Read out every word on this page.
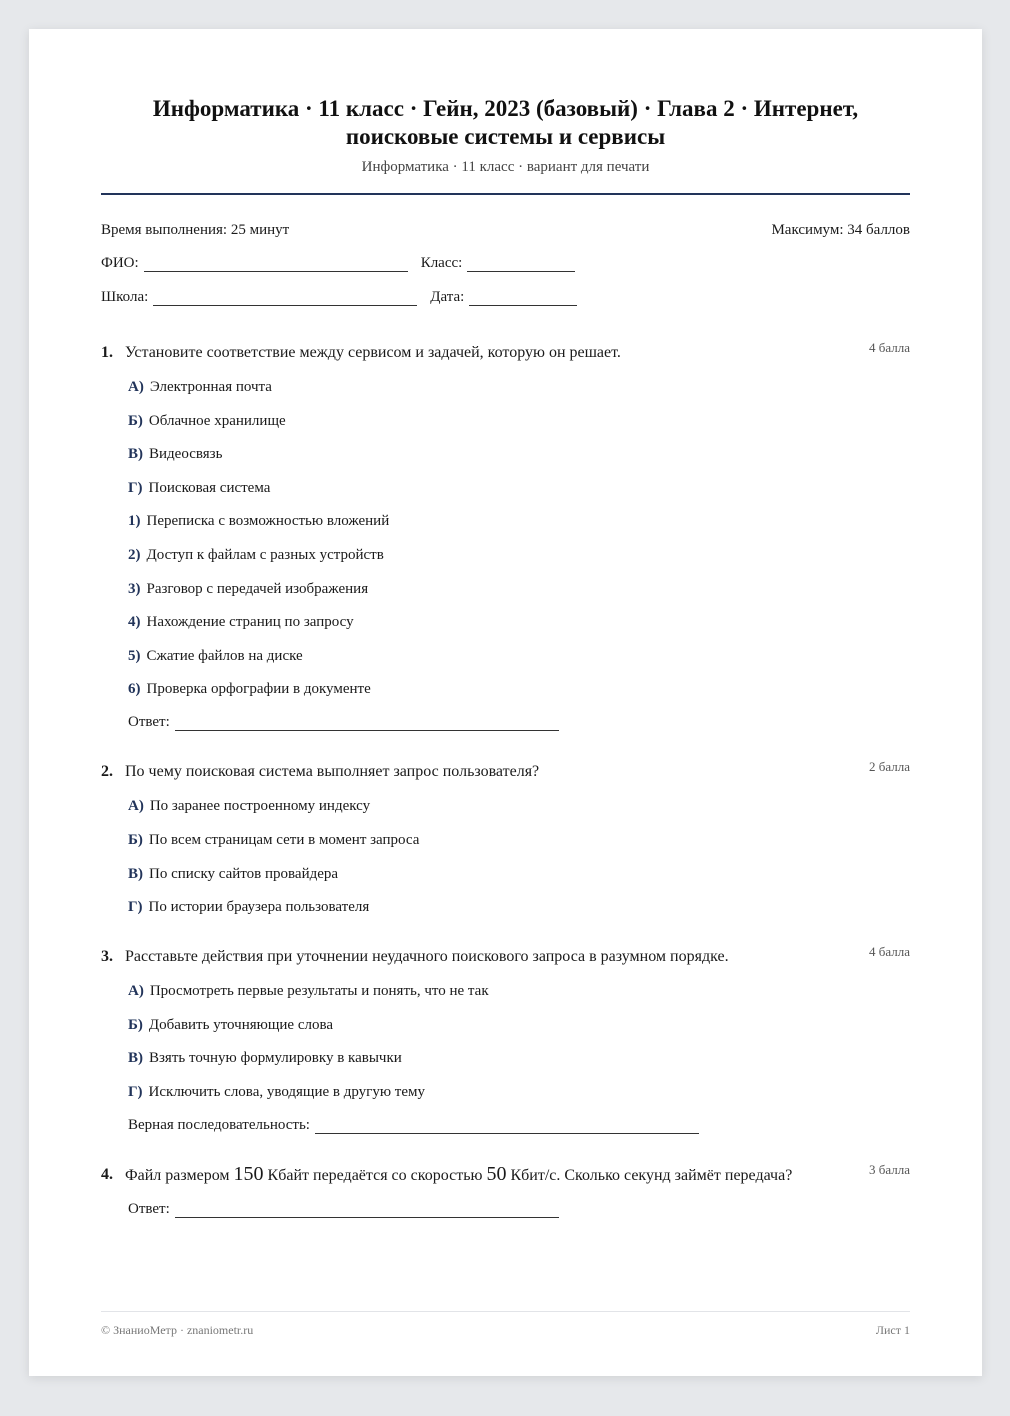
Информатика · 11 класс · Гейн, 2023 (базовый) · Глава 2 · Интернет, поисковые системы и сервисы
Информатика · 11 класс · вариант для печати
Время выполнения: 25 минут	Максимум: 34 баллов
ФИО:	Класс:
Школа:	Дата:
1. Установите соответствие между сервисом и задачей, которую он решает.	4 балла
А) Электронная почта
Б) Облачное хранилище
В) Видеосвязь
Г) Поисковая система
1) Переписка с возможностью вложений
2) Доступ к файлам с разных устройств
3) Разговор с передачей изображения
4) Нахождение страниц по запросу
5) Сжатие файлов на диске
6) Проверка орфографии в документе
Ответ:
2. По чему поисковая система выполняет запрос пользователя?	2 балла
А) По заранее построенному индексу
Б) По всем страницам сети в момент запроса
В) По списку сайтов провайдера
Г) По истории браузера пользователя
3. Расставьте действия при уточнении неудачного поискового запроса в разумном порядке.	4 балла
А) Просмотреть первые результаты и понять, что не так
Б) Добавить уточняющие слова
В) Взять точную формулировку в кавычки
Г) Исключить слова, уводящие в другую тему
Верная последовательность:
4. Файл размером 150 Кбайт передаётся со скоростью 50 Кбит/с. Сколько секунд займёт передача?	3 балла
Ответ:
© ЗнаниоМетр · znaniometr.ru	Лист 1
